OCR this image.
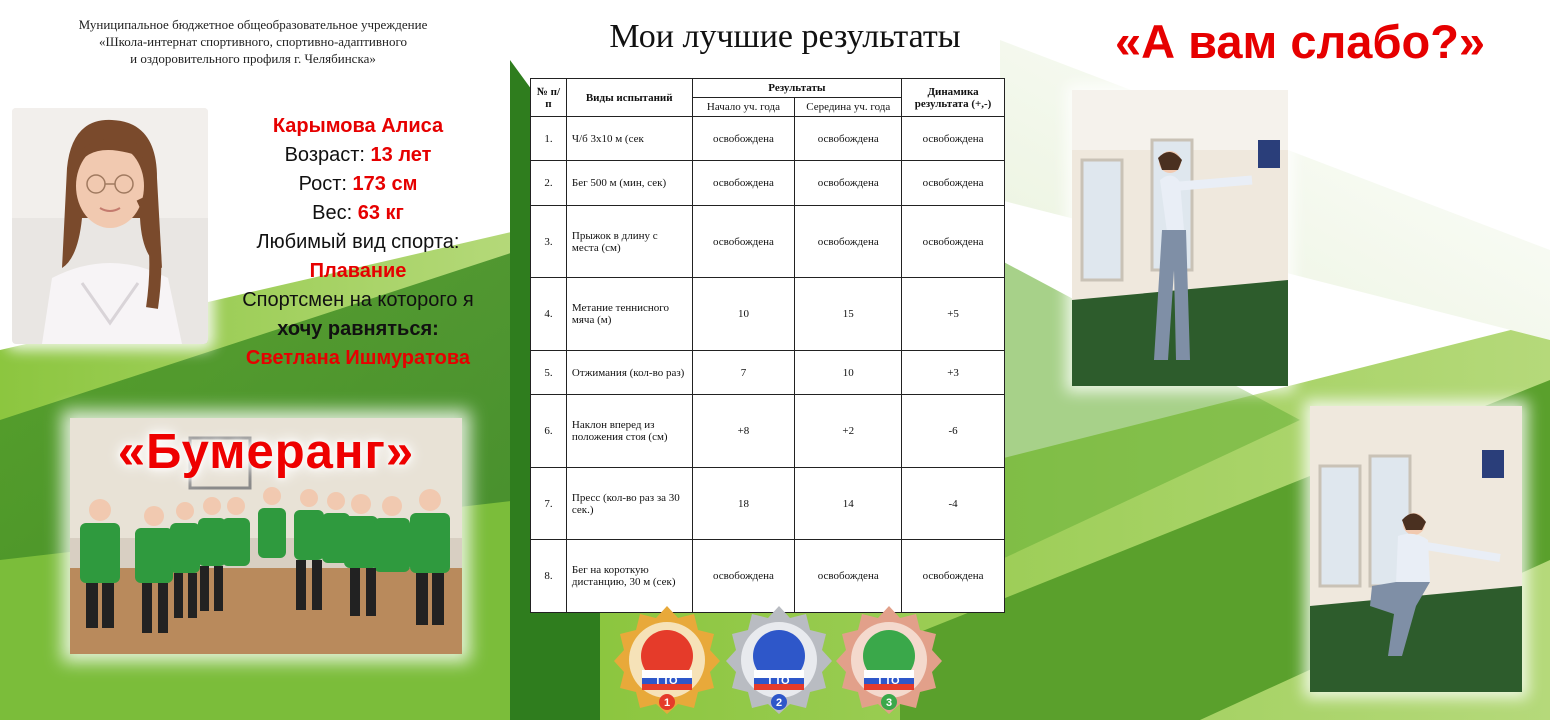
Муниципальное бюджетное общеобразовательное учреждение
«Школа-интернат спортивного, спортивно-адаптивного
и оздоровительного профиля г. Челябинска»
Карымова Алиса
Возраст: 13 лет
Рост: 173 см
Вес: 63 кг
Любимый вид спорта:
Плавание
Спортсмен на которого я
хочу равняться:
Светлана Ишмуратова
«Бумеранг»
Мои лучшие результаты
№ п/п	Виды испытаний	Результаты		Динамика результата (+,-)
		Начало уч. года	Середина уч. года	
1.	Ч/б 3х10 м (сек	освобождена	освобождена	освобождена
2.	Бег 500 м (мин, сек)	освобождена	освобождена	освобождена
3.	Прыжок в длину с места (см)	освобождена	освобождена	освобождена
4.	Метание теннисного мяча (м)	10	15	+5
5.	Отжимания (кол-во раз)	7	10	+3
6.	Наклон вперед из положения стоя (см)	+8	+2	-6
7.	Пресс (кол-во раз за 30 сек.)	18	14	-4
8.	Бег на короткую дистанцию, 30 м (сек)	освобождена	освобождена	освобождена
ГТО
1
ГТО
2
ГТО
3
«А вам слабо?»
